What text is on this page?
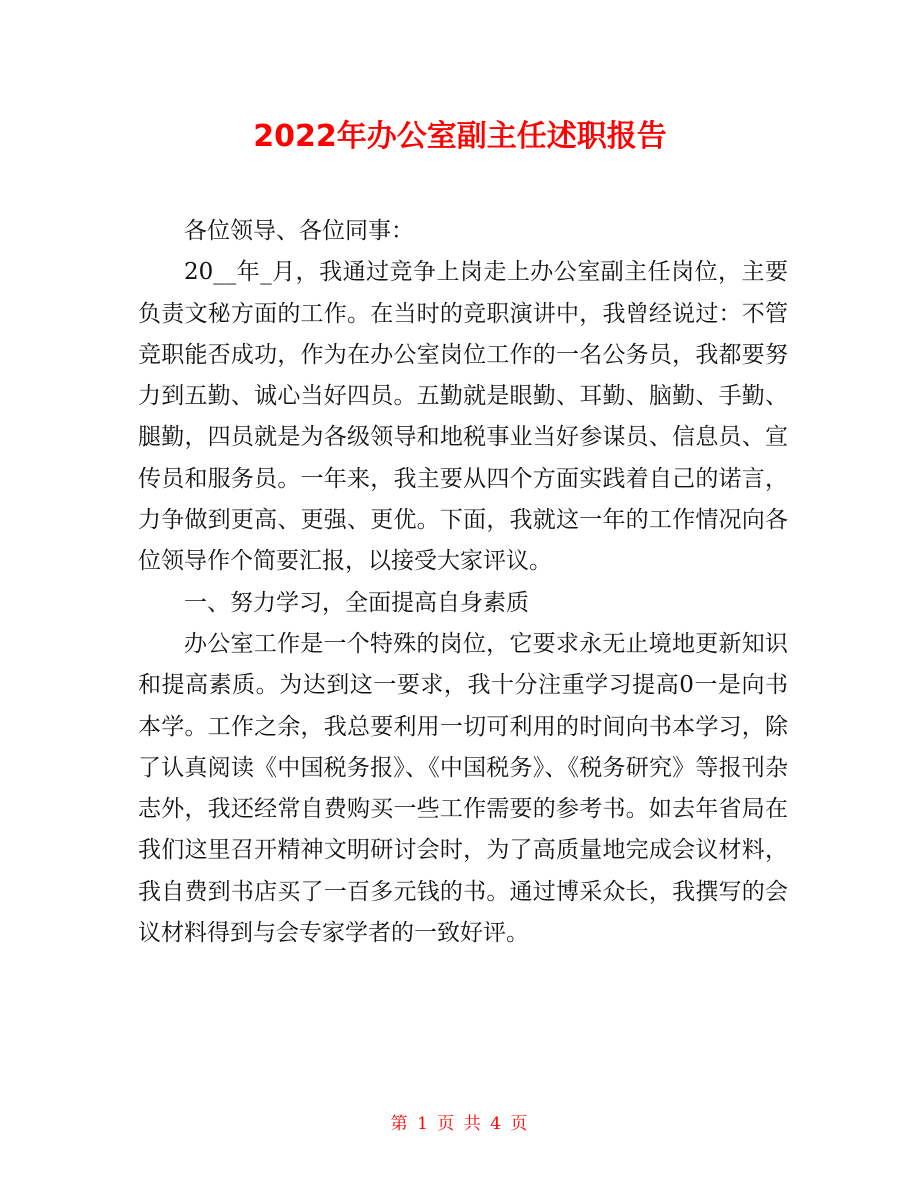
2022年办公室副主任述职报告

各位领导、各位同事：

20__年_月，我通过竞争上岗走上办公室副主任岗位，主要负责文秘方面的工作。在当时的竞职演讲中，我曾经说过：不管竞职能否成功，作为在办公室岗位工作的一名公务员，我都要努力到五勤、诚心当好四员。五勤就是眼勤、耳勤、脑勤、手勤、腿勤，四员就是为各级领导和地税事业当好参谋员、信息员、宣传员和服务员。一年来，我主要从四个方面实践着自己的诺言，力争做到更高、更强、更优。下面，我就这一年的工作情况向各位领导作个简要汇报，以接受大家评议。

一、努力学习，全面提高自身素质

办公室工作是一个特殊的岗位，它要求永无止境地更新知识和提高素质。为达到这一要求，我十分注重学习提高0一是向书本学。工作之余，我总要利用一切可利用的时间向书本学习，除了认真阅读《中国税务报》、《中国税务》、《税务研究》等报刊杂志外，我还经常自费购买一些工作需要的参考书。如去年省局在我们这里召开精神文明研讨会时，为了高质量地完成会议材料，我自费到书店买了一百多元钱的书。通过博采众长，我撰写的会议材料得到与会专家学者的一致好评。

第 1 页 共 4 页
